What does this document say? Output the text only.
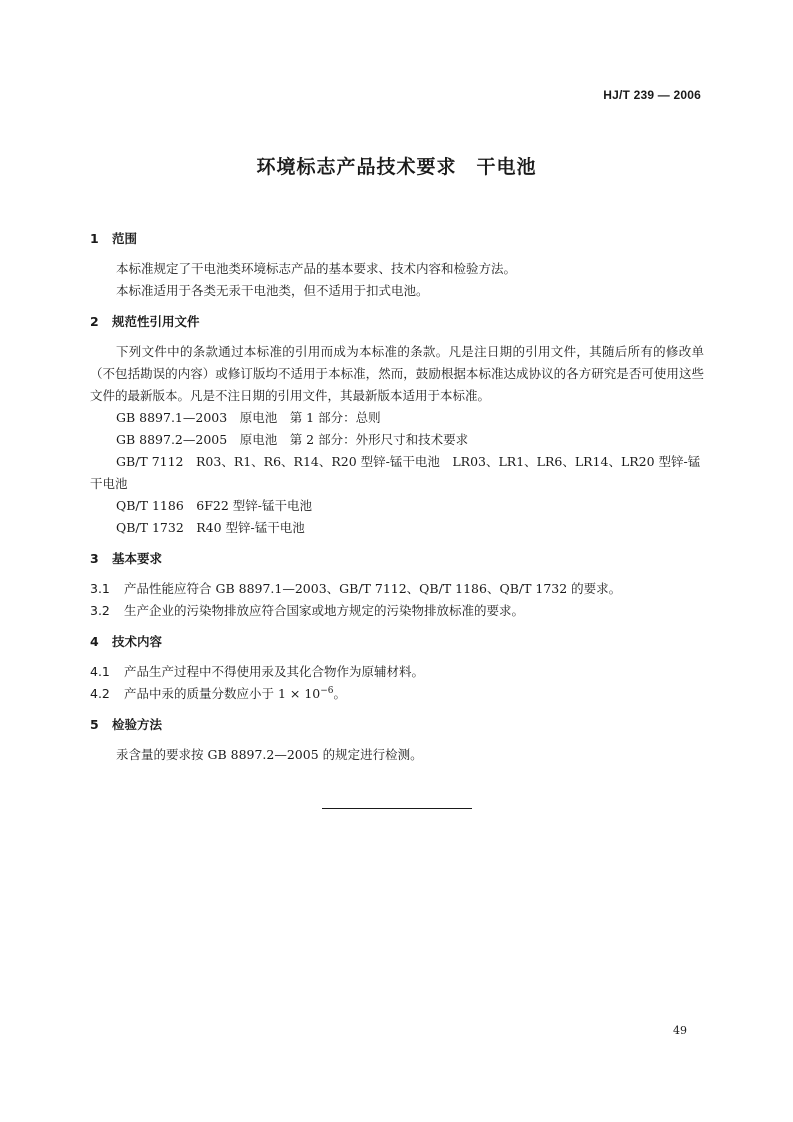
HJ/T 239 — 2006
环境标志产品技术要求　干电池
1 范围

本标准规定了干电池类环境标志产品的基本要求、技术内容和检验方法。

本标准适用于各类无汞干电池类，但不适用于扣式电池。

2 规范性引用文件

下列文件中的条款通过本标准的引用而成为本标准的条款。凡是注日期的引用文件，其随后所有的修改单（不包括勘误的内容）或修订版均不适用于本标准，然而，鼓励根据本标准达成协议的各方研究是否可使用这些文件的最新版本。凡是不注日期的引用文件，其最新版本适用于本标准。

GB 8897.1—2003　原电池　第 1 部分：总则

GB 8897.2—2005　原电池　第 2 部分：外形尺寸和技术要求

GB/T 7112　R03、R1、R6、R14、R20 型锌-锰干电池　LR03、LR1、LR6、LR14、LR20 型锌-锰干电池

QB/T 1186　6F22 型锌-锰干电池

QB/T 1732　R40 型锌-锰干电池

3 基本要求

3.1 产品性能应符合 GB 8897.1—2003、GB/T 7112、QB/T 1186、QB/T 1732 的要求。

3.2 生产企业的污染物排放应符合国家或地方规定的污染物排放标准的要求。

4 技术内容

4.1 产品生产过程中不得使用汞及其化合物作为原辅材料。

4.2 产品中汞的质量分数应小于 $1 \times 10^{-6}$。

5 检验方法

汞含量的要求按 GB 8897.2—2005 的规定进行检测。

49
